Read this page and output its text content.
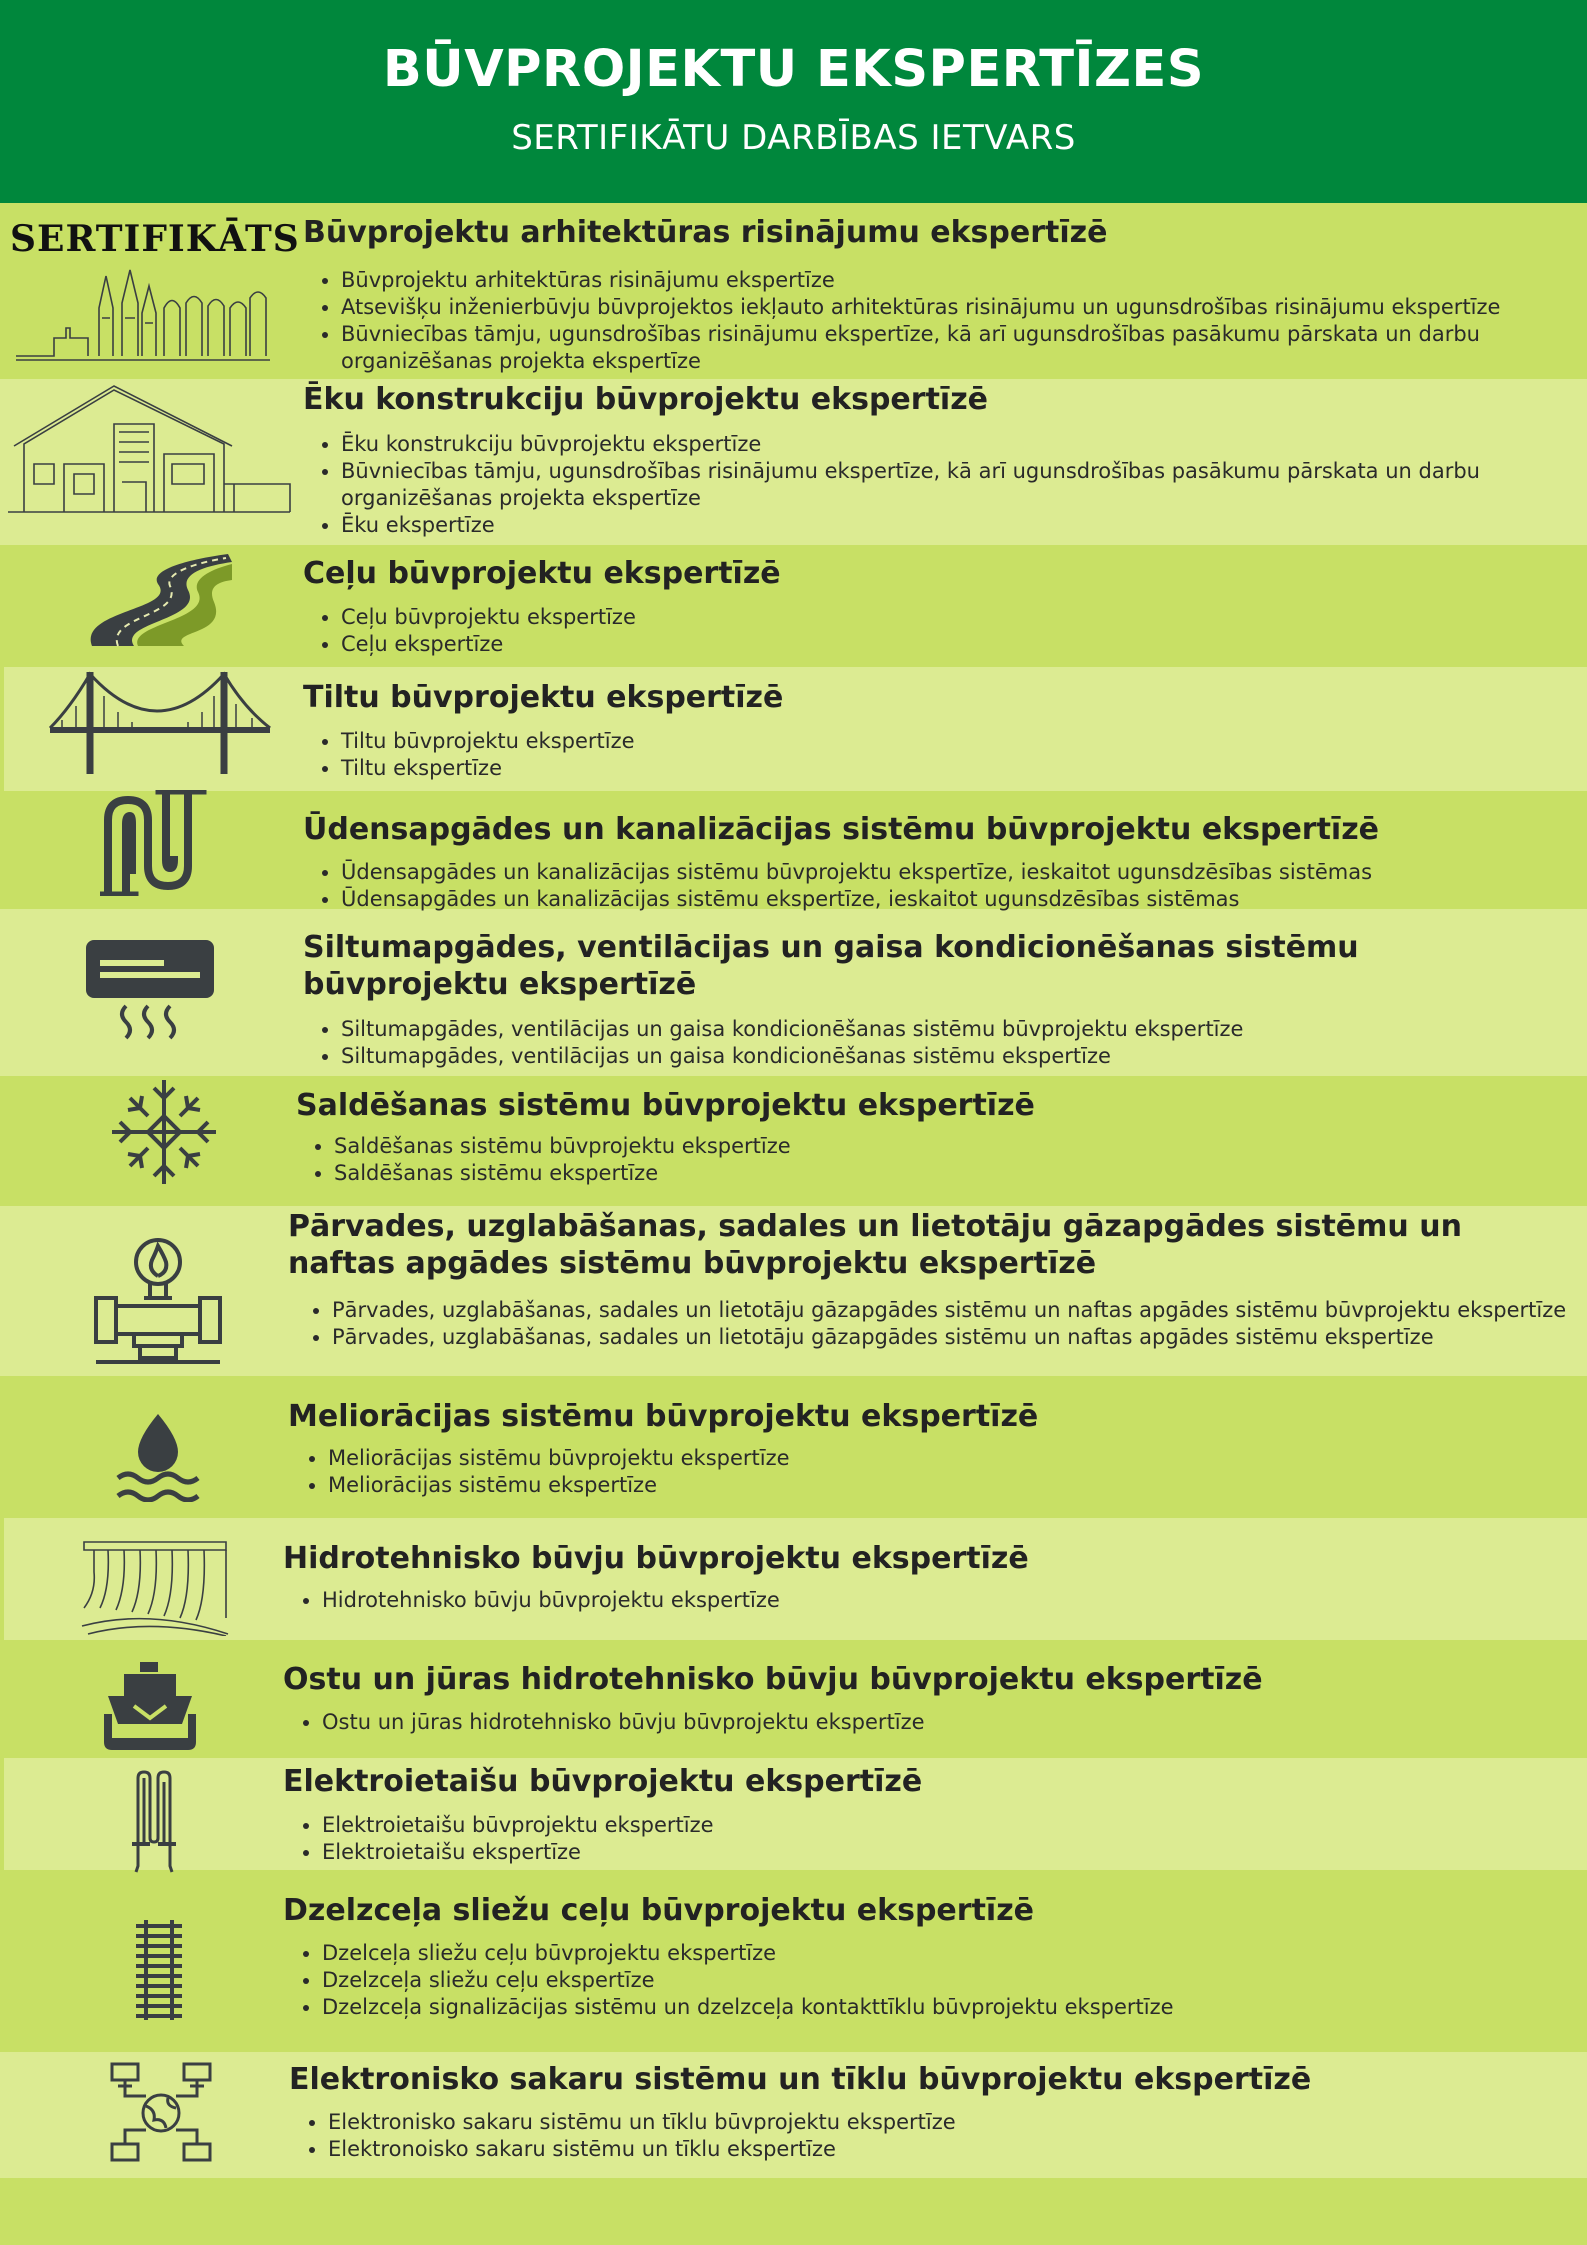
BŪVPROJEKTU EKSPERTĪZES
SERTIFIKĀTU DARBĪBAS IETVARS
SERTIFIKĀTS Būvprojektu arhitektūras risinājumu ekspertīzē
• Būvprojektu arhitektūras risinājumu ekspertīze
• Atsevišķu inženierbūvju būvprojektos iekļauto arhitektūras risinājumu un ugunsdrošības risinājumu ekspertīze
• Būvniecības tāmju, ugunsdrošības risinājumu ekspertīze, kā arī ugunsdrošības pasākumu pārskata un darbu organizēšanas projekta ekspertīze
Ēku konstrukciju būvprojektu ekspertīzē
• Ēku konstrukciju būvprojektu ekspertīze
• Būvniecības tāmju, ugunsdrošības risinājumu ekspertīze, kā arī ugunsdrošības pasākumu pārskata un darbu organizēšanas projekta ekspertīze
• Ēku ekspertīze
Ceļu būvprojektu ekspertīzē
• Ceļu būvprojektu ekspertīze
• Ceļu ekspertīze
Tiltu būvprojektu ekspertīzē
• Tiltu būvprojektu ekspertīze
• Tiltu ekspertīze
Ūdensapgādes un kanalizācijas sistēmu būvprojektu ekspertīzē
• Ūdensapgādes un kanalizācijas sistēmu būvprojektu ekspertīze, ieskaitot ugunsdzēsības sistēmas
• Ūdensapgādes un kanalizācijas sistēmu ekspertīze, ieskaitot ugunsdzēsības sistēmas
Siltumapgādes, ventilācijas un gaisa kondicionēšanas sistēmu būvprojektu ekspertīzē
• Siltumapgādes, ventilācijas un gaisa kondicionēšanas sistēmu būvprojektu ekspertīze
• Siltumapgādes, ventilācijas un gaisa kondicionēšanas sistēmu ekspertīze
Saldēšanas sistēmu būvprojektu ekspertīzē
• Saldēšanas sistēmu būvprojektu ekspertīze
• Saldēšanas sistēmu ekspertīze
Pārvades, uzglabāšanas, sadales un lietotāju gāzapgādes sistēmu un naftas apgādes sistēmu būvprojektu ekspertīzē
• Pārvades, uzglabāšanas, sadales un lietotāju gāzapgādes sistēmu un naftas apgādes sistēmu būvprojektu ekspertīze
• Pārvades, uzglabāšanas, sadales un lietotāju gāzapgādes sistēmu un naftas apgādes sistēmu ekspertīze
Meliorācijas sistēmu būvprojektu ekspertīzē
• Meliorācijas sistēmu būvprojektu ekspertīze
• Meliorācijas sistēmu ekspertīze
Hidrotehnisko būvju būvprojektu ekspertīzē
• Hidrotehnisko būvju būvprojektu ekspertīze
Ostu un jūras hidrotehnisko būvju būvprojektu ekspertīzē
• Ostu un jūras hidrotehnisko būvju būvprojektu ekspertīze
Elektroietaišu būvprojektu ekspertīzē
• Elektroietaišu būvprojektu ekspertīze
• Elektroietaišu ekspertīze
Dzelzceļa sliežu ceļu būvprojektu ekspertīzē
• Dzelceļa sliežu ceļu būvprojektu ekspertīze
• Dzelzceļa sliežu ceļu ekspertīze
• Dzelzceļa signalizācijas sistēmu un dzelzceļa kontakttīklu būvprojektu ekspertīze
Elektronisko sakaru sistēmu un tīklu būvprojektu ekspertīzē
• Elektronisko sakaru sistēmu un tīklu būvprojektu ekspertīze
• Elektronoisko sakaru sistēmu un tīklu ekspertīze
